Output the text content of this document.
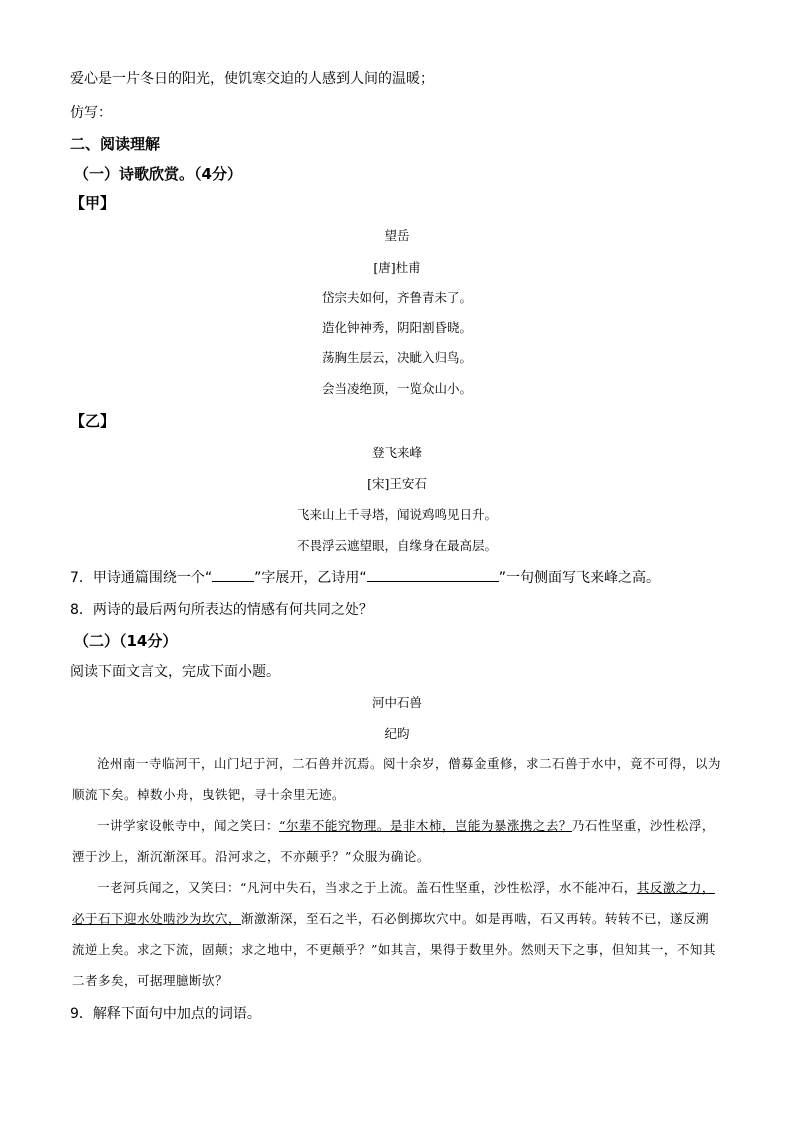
爱心是一片冬日的阳光，使饥寒交迫的人感到人间的温暖；
仿写：
二、阅读理解
（一）诗歌欣赏。（4分）
【甲】
望岳
[唐]杜甫
岱宗夫如何，齐鲁青未了。
造化钟神秀，阴阳割昏晓。
荡胸生层云，决眦入归鸟。
会当凌绝顶，一览众山小。
【乙】
登飞来峰
[宋]王安石
飞来山上千寻塔，闻说鸡鸣见日升。
不畏浮云遮望眼，自缘身在最高层。
7．甲诗通篇围绕一个“	”字展开，乙诗用“	”一句侧面写飞来峰之高。
8．两诗的最后两句所表达的情感有何共同之处？
（二）（14分）
阅读下面文言文，完成下面小题。
河中石兽
纪昀
沧州南一寺临河干，山门圮于河，二石兽并沉焉。阅十余岁，僧募金重修，求二石兽于水中，竟不可得，以为顺流下矣。棹数小舟，曳铁钯，寻十余里无迹。
一讲学家设帐寺中，闻之笑曰：“尔辈不能究物理。是非木柿，岂能为暴涨携之去？乃石性坚重，沙性松浮，湮于沙上，渐沉渐深耳。沿河求之，不亦颠乎？”众服为确论。
一老河兵闻之，又笑曰：“凡河中失石，当求之于上流。盖石性坚重，沙性松浮，水不能冲石，其反激之力，必于石下迎水处啮沙为坎穴，渐激渐深，至石之半，石必倒掷坎穴中。如是再啮，石又再转。转转不已，遂反溯流逆上矣。求之下流，固颠；求之地中，不更颠乎？”如其言，果得于数里外。然则天下之事，但知其一，不知其二者多矣，可据理臆断欤？
9．解释下面句中加点的词语。
